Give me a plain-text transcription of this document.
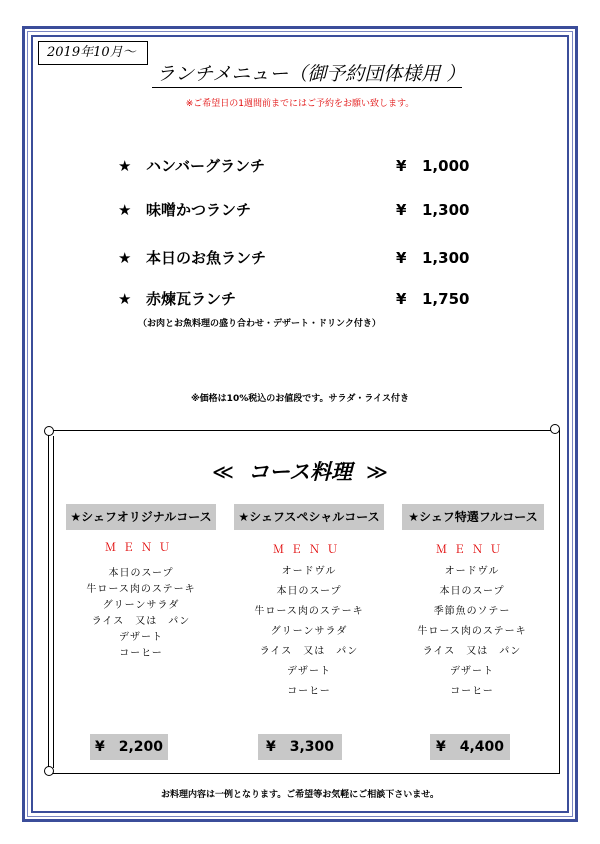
2019年10月～
ランチメニュー（御予約団体様用 ）
※ご希望日の1週間前までにはご予約をお願い致します。
★ ハンバーグランチ	¥ 1,000
★ 味噌かつランチ	¥ 1,300
★ 本日のお魚ランチ	¥ 1,300
★ 赤煉瓦ランチ	¥ 1,750
（お肉とお魚料理の盛り合わせ・デザート・ドリンク付き）
※価格は10%税込のお値段です。サラダ・ライス付き
≪ コース料理 ≫
★シェフオリジナルコース
ＭＥＮＵ
本日のスープ
牛ロース肉のステーキ
グリーンサラダ
ライス　又は　パン
デザート
コーヒー
¥　2,200
★シェフスペシャルコース
ＭＥＮＵ
オードヴル
本日のスープ
牛ロース肉のステーキ
グリーンサラダ
ライス　又は　パン
デザート
コーヒー
¥　3,300
★シェフ特選フルコース
ＭＥＮＵ
オードヴル
本日のスープ
季節魚のソテー
牛ロース肉のステーキ
ライス　又は　パン
デザート
コーヒー
¥　4,400
お料理内容は一例となります。ご希望等お気軽にご相談下さいませ。
